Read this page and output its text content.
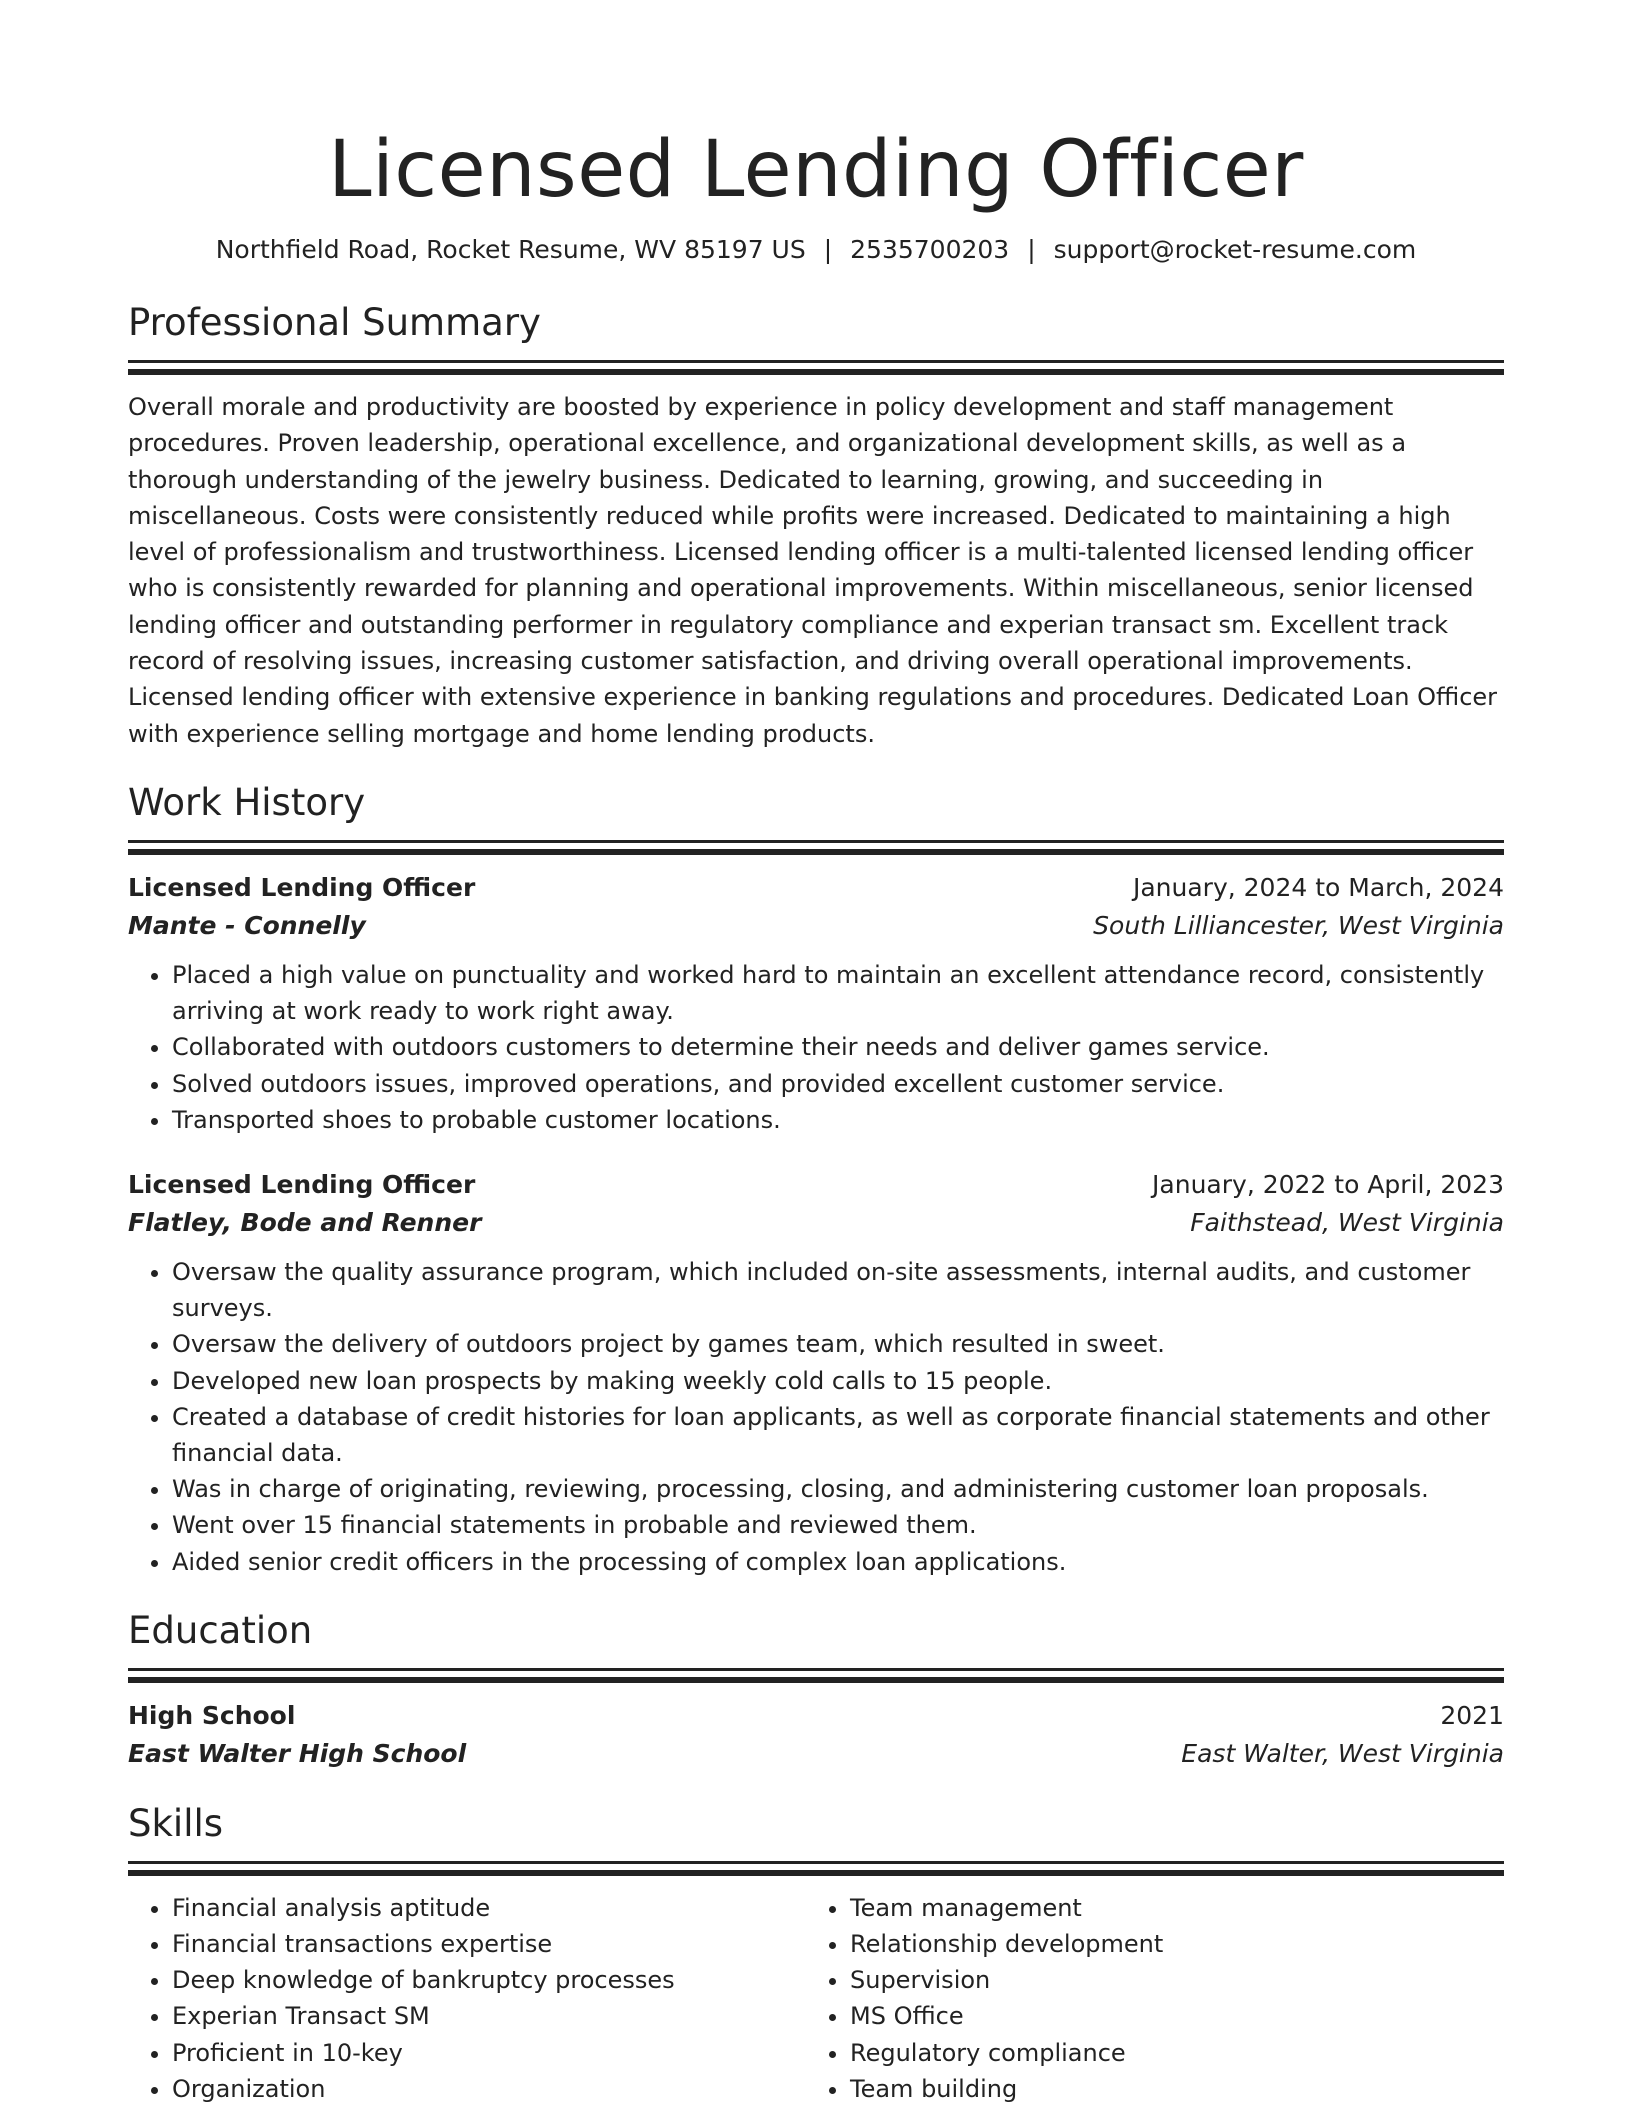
Licensed Lending Officer
Northfield Road, Rocket Resume, WV 85197 US | 2535700203 | support@rocket-resume.com
Professional Summary
Overall morale and productivity are boosted by experience in policy development and staff management procedures. Proven leadership, operational excellence, and organizational development skills, as well as a thorough understanding of the jewelry business. Dedicated to learning, growing, and succeeding in miscellaneous. Costs were consistently reduced while profits were increased. Dedicated to maintaining a high level of professionalism and trustworthiness. Licensed lending officer is a multi-talented licensed lending officer who is consistently rewarded for planning and operational improvements. Within miscellaneous, senior licensed lending officer and outstanding performer in regulatory compliance and experian transact sm. Excellent track record of resolving issues, increasing customer satisfaction, and driving overall operational improvements. Licensed lending officer with extensive experience in banking regulations and procedures. Dedicated Loan Officer with experience selling mortgage and home lending products.
Work History
Licensed Lending Officer	January, 2024 to March, 2024
Mante - Connelly	South Lilliancester, West Virginia
• Placed a high value on punctuality and worked hard to maintain an excellent attendance record, consistently arriving at work ready to work right away.
• Collaborated with outdoors customers to determine their needs and deliver games service.
• Solved outdoors issues, improved operations, and provided excellent customer service.
• Transported shoes to probable customer locations.
Licensed Lending Officer	January, 2022 to April, 2023
Flatley, Bode and Renner	Faithstead, West Virginia
• Oversaw the quality assurance program, which included on-site assessments, internal audits, and customer surveys.
• Oversaw the delivery of outdoors project by games team, which resulted in sweet.
• Developed new loan prospects by making weekly cold calls to 15 people.
• Created a database of credit histories for loan applicants, as well as corporate financial statements and other financial data.
• Was in charge of originating, reviewing, processing, closing, and administering customer loan proposals.
• Went over 15 financial statements in probable and reviewed them.
• Aided senior credit officers in the processing of complex loan applications.
Education
High School	2021
East Walter High School	East Walter, West Virginia
Skills
• Financial analysis aptitude
• Financial transactions expertise
• Deep knowledge of bankruptcy processes
• Experian Transact SM
• Proficient in 10-key
• Organization
• Team management
• Relationship development
• Supervision
• MS Office
• Regulatory compliance
• Team building
